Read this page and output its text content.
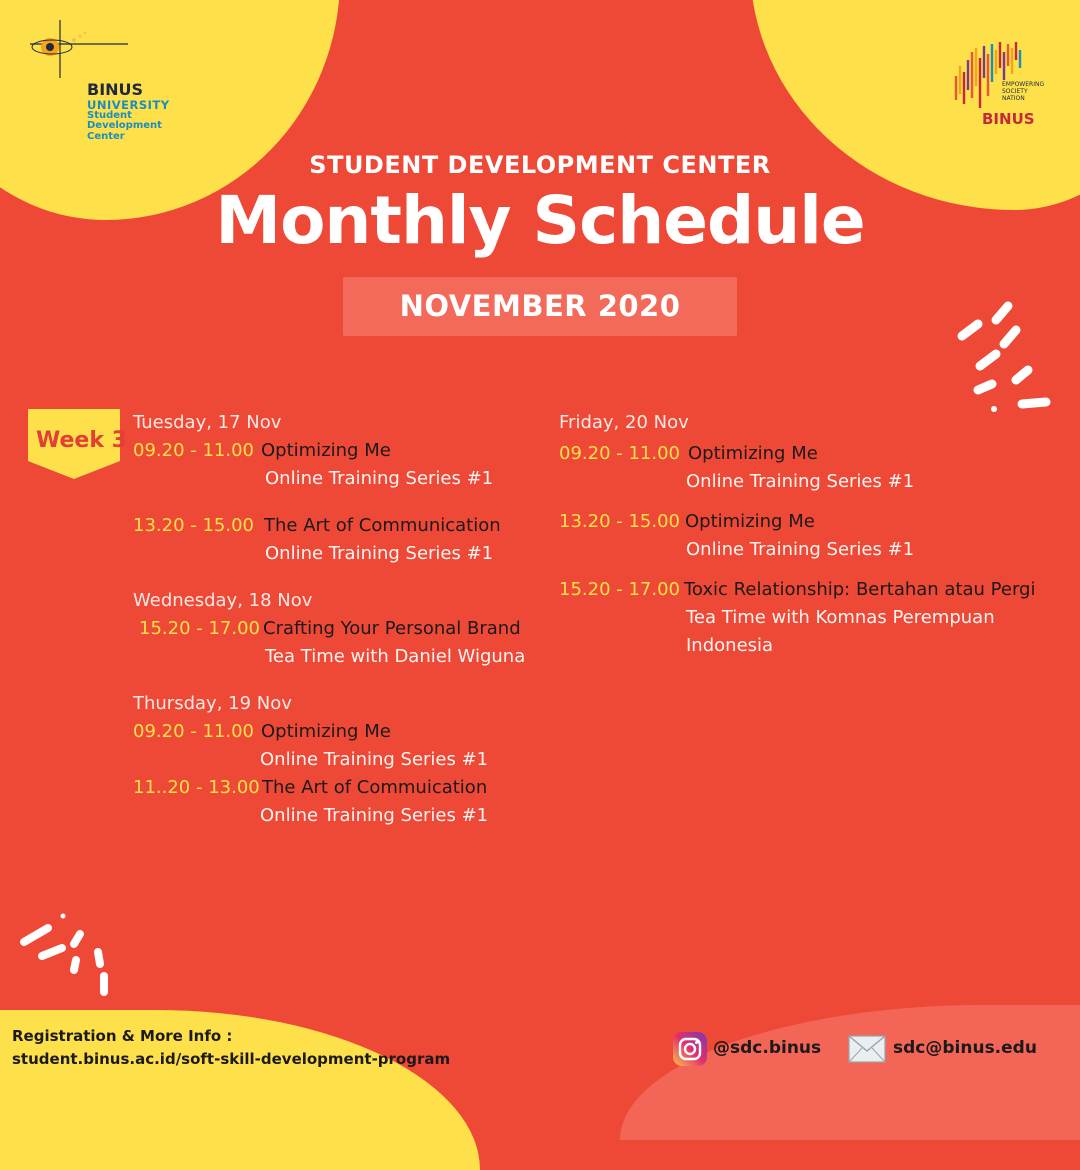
BINUS
UNIVERSITY
Student
Development Center
EMPOWERING
SOCIETY
NATION
BINUS
STUDENT DEVELOPMENT CENTER
Monthly Schedule
NOVEMBER 2020
Week 3
Tuesday, 17 Nov
09.20 - 11.00 Optimizing Me
Online Training Series #1
13.20 - 15.00 The Art of Communication
Online Training Series #1
Wednesday, 18 Nov
15.20 - 17.00 Crafting Your Personal Brand
Tea Time with Daniel Wiguna
Thursday, 19 Nov
09.20 - 11.00 Optimizing Me
Online Training Series #1
11..20 - 13.00 The Art of Commuication
Online Training Series #1
Friday, 20 Nov
09.20 - 11.00 Optimizing Me
Online Training Series #1
13.20 - 15.00 Optimizing Me
Online Training Series #1
15.20 - 17.00 Toxic Relationship: Bertahan atau Pergi
Tea Time with Komnas Perempuan
Indonesia
Registration & More Info :
student.binus.ac.id/soft-skill-development-program
@sdc.binus	sdc@binus.edu
